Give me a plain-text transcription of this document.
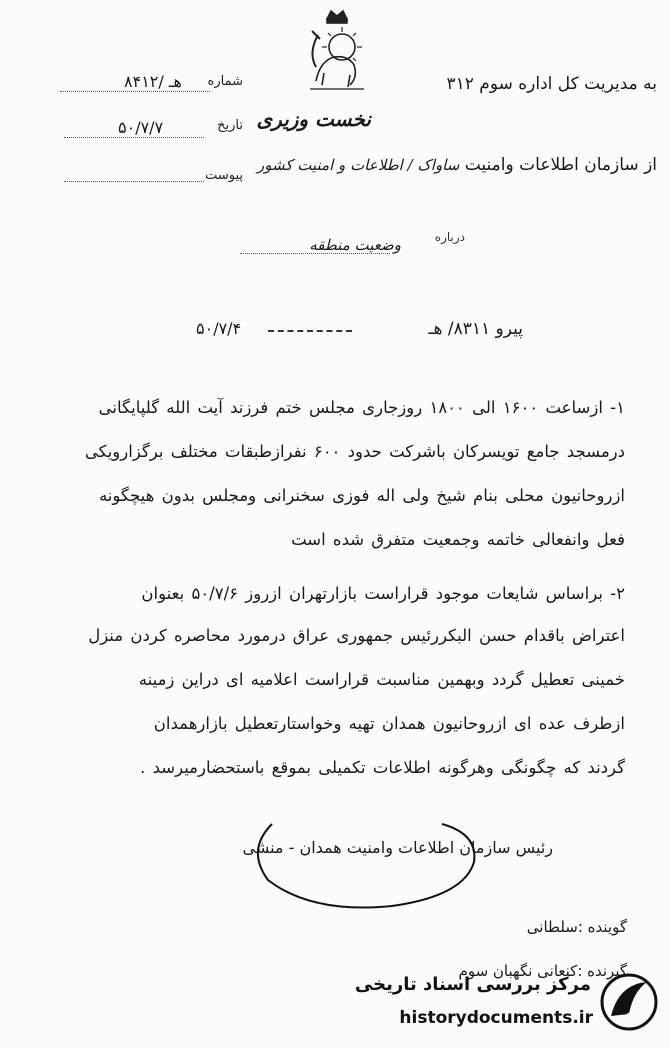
شماره
۸۴۱۲/ هـ
تاریخ
۵۰/۷/۷
پیوست
به مدیریت کل اداره سوم ۳۱۲
نخست وزیری
از سازمان اطلاعات وامنیت ساواک / اطلاعات و امنیت کشور
درباره
وضعیت منطقه
پیرو ۸۳۱۱/ هـ
۵۰/۷/۴
۱- ازساعت ۱۶۰۰ الی ۱۸۰۰ روزجاری مجلس ختم فرزند آیت الله گلپایگانی
درمسجد جامع تویسرکان باشرکت حدود ۶۰۰ نفرازطبقات مختلف برگزارویکی
ازروحانیون محلی بنام شیخ ولی اله فوزی سخنرانی ومجلس بدون هیچگونه
فعل وانفعالی خاتمه وجمعیت متفرق شده است
۲- براساس شایعات موجود قراراست بازارتهران ازروز ۵۰/۷/۶ بعنوان
اعتراض باقدام حسن البکررئیس جمهوری عراق درمورد محاصره کردن منزل
خمینی تعطیل گردد وبهمین مناسبت قراراست اعلامیه ای دراین زمینه
ازطرف عده ای ازروحانیون همدان تهیه وخواستارتعطیل بازارهمدان
گردند که چگونگی وهرگونه اطلاعات تکمیلی بموقع باستحضارمیرسد .
رئیس سازمان اطلاعات وامنیت همدان - منشی
گوینده :سلطانی
گیرنده :کنعانی نگهبان سوم
مرکز بررسی اسناد تاریخی
historydocuments.ir
